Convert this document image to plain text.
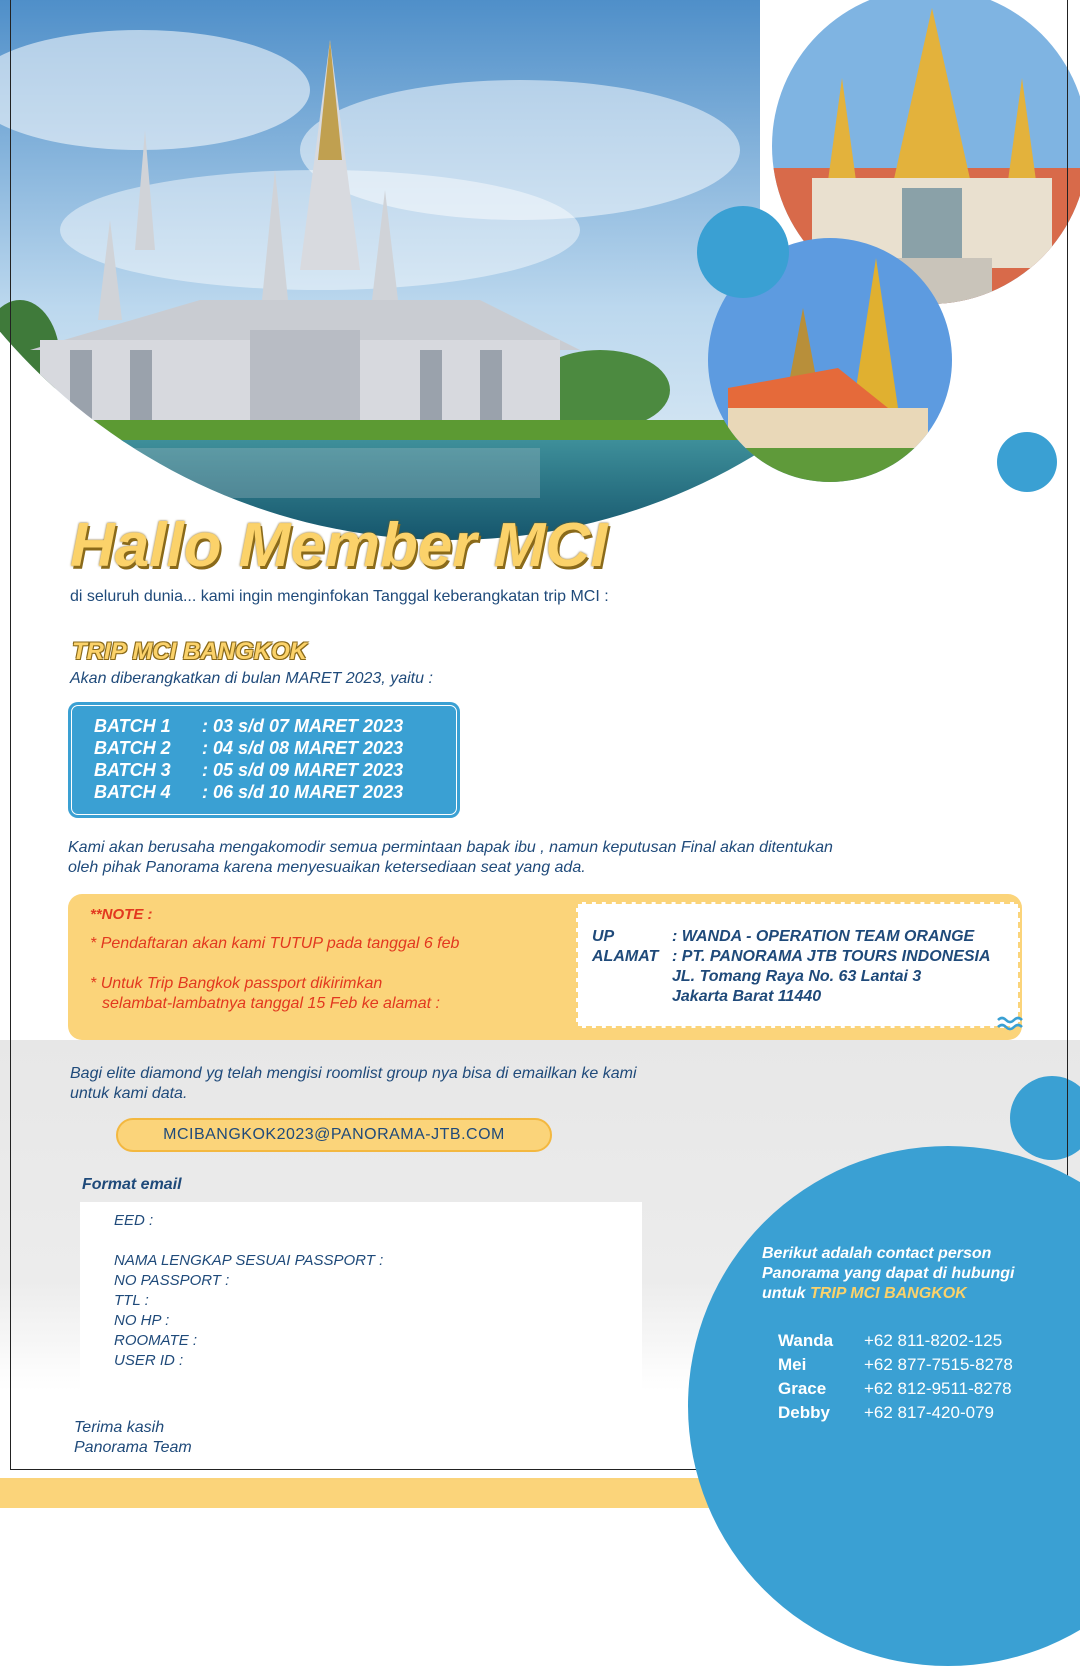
Hallo Member MCI
di seluruh dunia... kami ingin menginfokan Tanggal keberangkatan trip MCI :
TRIP MCI BANGKOK
Akan diberangkatkan di bulan MARET 2023, yaitu :
BATCH 1 : 03 s/d 07 MARET 2023
BATCH 2 : 04 s/d 08 MARET 2023
BATCH 3 : 05 s/d 09 MARET 2023
BATCH 4 : 06 s/d 10 MARET 2023
Kami akan berusaha mengakomodir semua permintaan bapak ibu , namun keputusan Final akan ditentukan
oleh pihak Panorama karena menyesuaikan ketersediaan seat yang ada.
**NOTE :
* Pendaftaran akan kami TUTUP pada tanggal 6 feb
* Untuk Trip Bangkok passport dikirimkan
selambat-lambatnya tanggal 15 Feb ke alamat :
UP	: WANDA - OPERATION TEAM ORANGE
ALAMAT : PT. PANORAMA JTB TOURS INDONESIA
JL. Tomang Raya No. 63 Lantai 3
Jakarta Barat 11440
Bagi elite diamond yg telah mengisi roomlist group nya bisa di emailkan ke kami
untuk kami data.
MCIBANGKOK2023@PANORAMA-JTB.COM
Format email
EED :
NAMA LENGKAP SESUAI PASSPORT :
NO PASSPORT :
TTL :
NO HP :
ROOMATE :
USER ID :
Terima kasih
Panorama Team
Berikut adalah contact person
Panorama yang dapat di hubungi
untuk TRIP MCI BANGKOK
Wanda +62 811-8202-125
Mei	+62 877-7515-8278
Grace +62 812-9511-8278
Debby +62 817-420-079
